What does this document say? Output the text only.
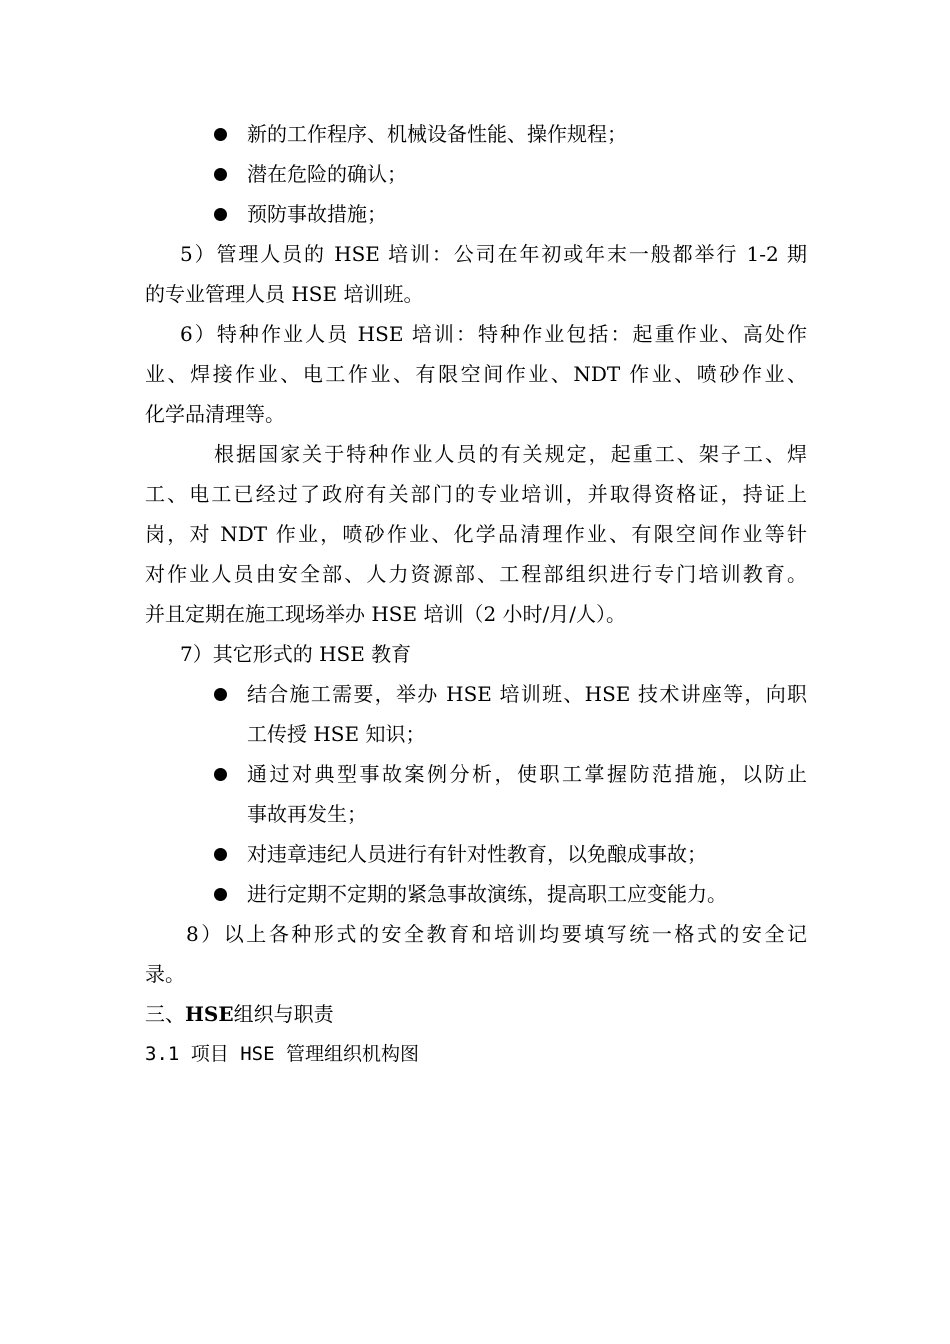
新的工作程序、机械设备性能、操作规程；
潜在危险的确认；
预防事故措施；
5）管理人员的 HSE 培训：公司在年初或年末一般都举行 1-2 期
的专业管理人员 HSE 培训班。
6）特种作业人员 HSE 培训：特种作业包括：起重作业、高处作
业、焊接作业、电工作业、有限空间作业、NDT 作业、喷砂作业、
化学品清理等。
根据国家关于特种作业人员的有关规定，起重工、架子工、焊
工、电工已经过了政府有关部门的专业培训，并取得资格证，持证上
岗，对 NDT 作业，喷砂作业、化学品清理作业、有限空间作业等针
对作业人员由安全部、人力资源部、工程部组织进行专门培训教育。
并且定期在施工现场举办 HSE 培训（2 小时/月/人）。
7）其它形式的 HSE 教育
结合施工需要，举办 HSE 培训班、HSE 技术讲座等，向职
工传授 HSE 知识；
通过对典型事故案例分析，使职工掌握防范措施，以防止
事故再发生；
对违章违纪人员进行有针对性教育，以免酿成事故；
进行定期不定期的紧急事故演练，提高职工应变能力。
8）以上各种形式的安全教育和培训均要填写统一格式的安全记
录。
三、HSE组织与职责
3.1 项目 HSE 管理组织机构图
